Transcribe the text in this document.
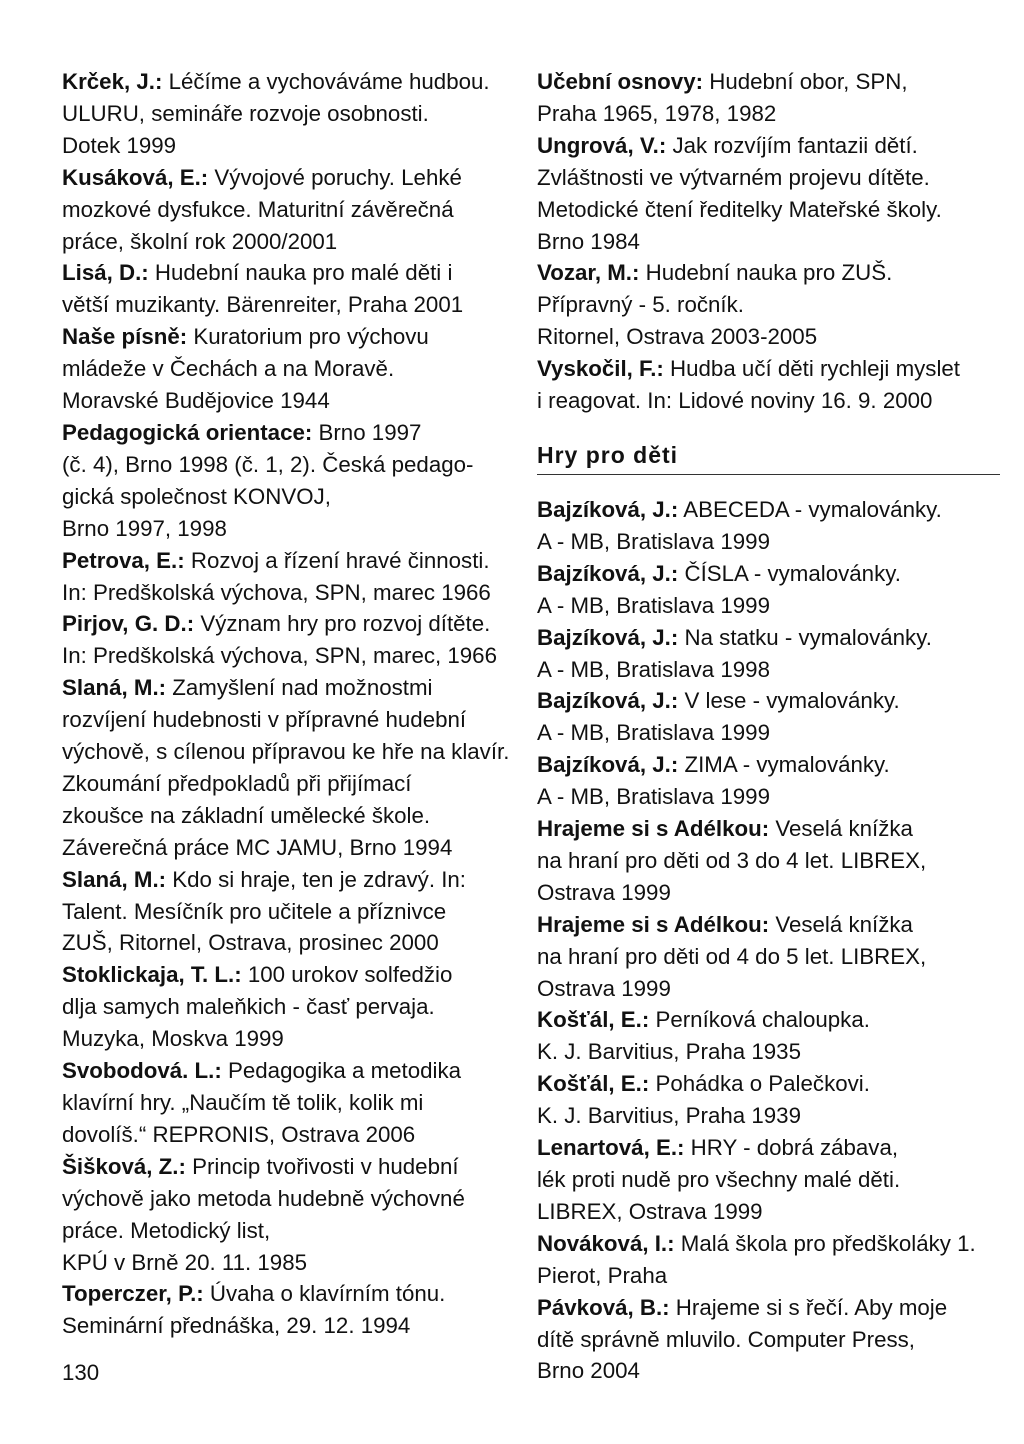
Krček, J.: Léčíme a vychováváme hudbou.
ULURU, semináře rozvoje osobnosti.
Dotek 1999
Kusáková, E.: Vývojové poruchy. Lehké
mozkové dysfukce. Maturitní závěrečná
práce, školní rok 2000/2001
Lisá, D.: Hudební nauka pro malé děti i
větší muzikanty. Bärenreiter, Praha 2001
Naše písně: Kuratorium pro výchovu
mládeže v Čechách a na Moravě.
Moravské Budějovice 1944
Pedagogická orientace: Brno 1997
(č. 4), Brno 1998 (č. 1, 2). Česká pedago-
gická společnost KONVOJ,
Brno 1997, 1998
Petrova, E.: Rozvoj a řízení hravé činnosti.
In: Predškolská výchova, SPN, marec 1966
Pirjov, G. D.: Význam hry pro rozvoj dítěte.
In: Predškolská výchova, SPN, marec, 1966
Slaná, M.: Zamyšlení nad možnostmi
rozvíjení hudebnosti v přípravné hudební
výchově, s cílenou přípravou ke hře na klavír.
Zkoumání předpokladů při přijímací
zkoušce na základní umělecké škole.
Záverečná práce MC JAMU, Brno 1994
Slaná, M.: Kdo si hraje, ten je zdravý. In:
Talent. Mesíčník pro učitele a příznivce
ZUŠ, Ritornel, Ostrava, prosinec 2000
Stoklickaja, T. L.: 100 urokov solfedžio
dlja samych maleňkich - časť pervaja.
Muzyka, Moskva 1999
Svobodová. L.: Pedagogika a metodika
klavírní hry. „Naučím tě tolik, kolik mi
dovolíš.“ REPRONIS, Ostrava 2006
Šišková, Z.: Princip tvořivosti v hudební
výchově jako metoda hudebně výchovné
práce. Metodický list,
KPÚ v Brně 20. 11. 1985
Toperczer, P.: Úvaha o klavírním tónu.
Seminární přednáška, 29. 12. 1994
Učební osnovy: Hudební obor, SPN,
Praha 1965, 1978, 1982
Ungrová, V.: Jak rozvíjím fantazii dětí.
Zvláštnosti ve výtvarném projevu dítěte.
Metodické čtení ředitelky Mateřské školy.
Brno 1984
Vozar, M.: Hudební nauka pro ZUŠ.
Přípravný - 5. ročník.
Ritornel, Ostrava 2003-2005
Vyskočil, F.: Hudba učí děti rychleji myslet
i reagovat. In: Lidové noviny 16. 9. 2000
Hry pro děti
Bajzíková, J.: ABECEDA - vymalovánky.
A - MB, Bratislava 1999
Bajzíková, J.: ČÍSLA - vymalovánky.
A - MB, Bratislava 1999
Bajzíková, J.: Na statku - vymalovánky.
A - MB, Bratislava 1998
Bajzíková, J.: V lese - vymalovánky.
A - MB, Bratislava 1999
Bajzíková, J.: ZIMA - vymalovánky.
A - MB, Bratislava 1999
Hrajeme si s Adélkou: Veselá knížka
na hraní pro děti od 3 do 4 let. LIBREX,
Ostrava 1999
Hrajeme si s Adélkou: Veselá knížka
na hraní pro děti od 4 do 5 let. LIBREX,
Ostrava 1999
Košťál, E.: Perníková chaloupka.
K. J. Barvitius, Praha 1935
Košťál, E.: Pohádka o Palečkovi.
K. J. Barvitius, Praha 1939
Lenartová, E.: HRY - dobrá zábava,
lék proti nudě pro všechny malé děti.
LIBREX, Ostrava 1999
Nováková, I.: Malá škola pro předškoláky 1.
Pierot, Praha
Pávková, B.: Hrajeme si s řečí. Aby moje
dítě správně mluvilo. Computer Press,
Brno 2004
130
